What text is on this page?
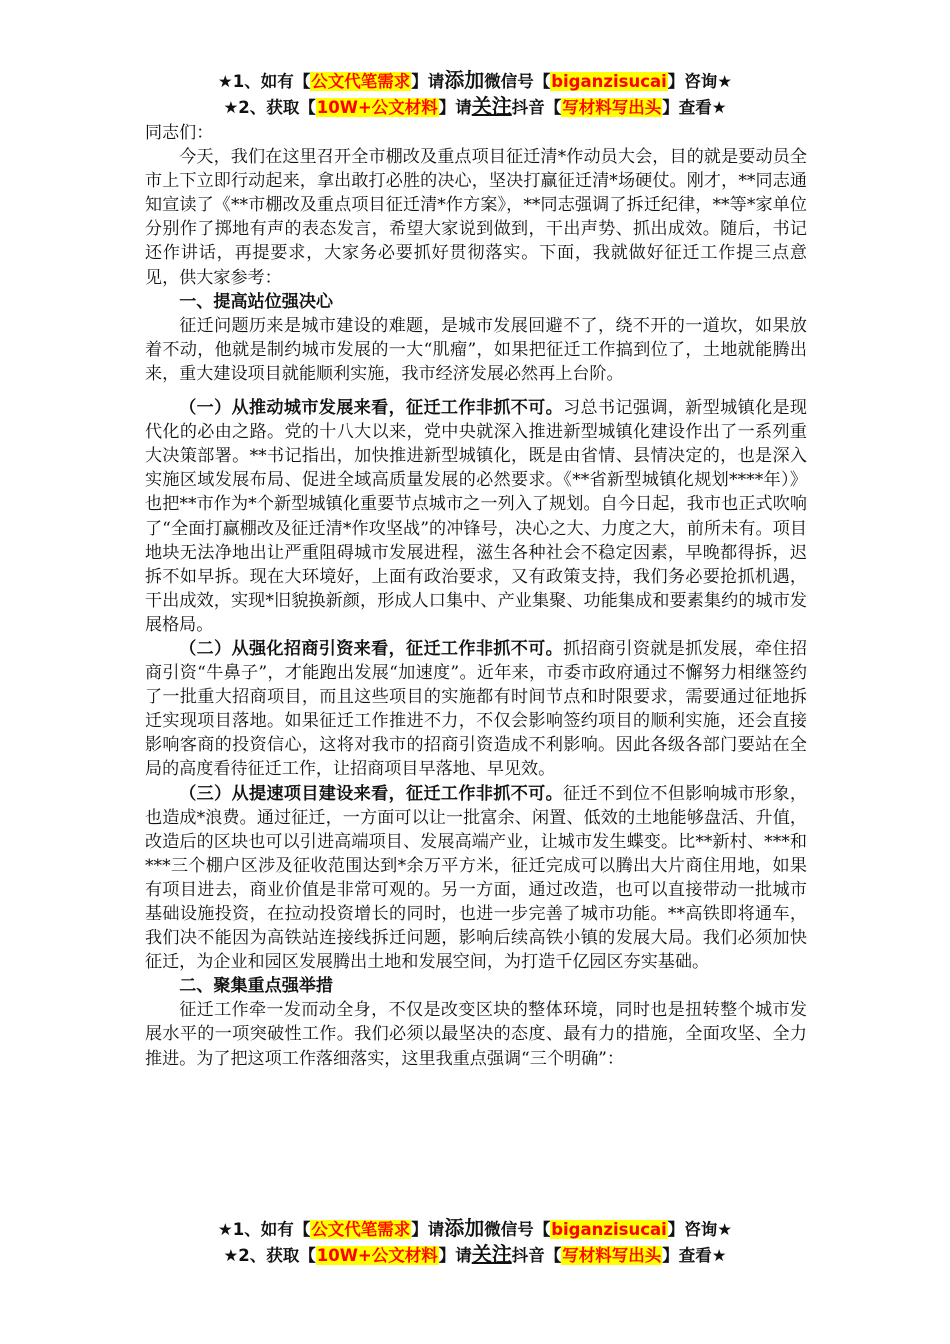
★1、如有【公文代笔需求】请添加微信号【biganzisucai】咨询★
★2、获取【10W+公文材料】请关注抖音【写材料写出头】查看★

同志们：

今天，我们在这里召开全市棚改及重点项目征迁清*作动员大会，目的就是要动员全市上下立即行动起来，拿出敢打必胜的决心，坚决打赢征迁清*场硬仗。刚才，**同志通知宣读了《**市棚改及重点项目征迁清*作方案》，**同志强调了拆迁纪律，**等*家单位分别作了掷地有声的表态发言，希望大家说到做到，干出声势、抓出成效。随后，书记还作讲话，再提要求，大家务必要抓好贯彻落实。下面，我就做好征迁工作提三点意见，供大家参考：

一、提高站位强决心

征迁问题历来是城市建设的难题，是城市发展回避不了，绕不开的一道坎，如果放着不动，他就是制约城市发展的一大“肌瘤”，如果把征迁工作搞到位了，土地就能腾出来，重大建设项目就能顺利实施，我市经济发展必然再上台阶。

（一）从推动城市发展来看，征迁工作非抓不可。习总书记强调，新型城镇化是现代化的必由之路。党的十八大以来，党中央就深入推进新型城镇化建设作出了一系列重大决策部署。**书记指出，加快推进新型城镇化，既是由省情、县情决定的，也是深入实施区域发展布局、促进全域高质量发展的必然要求。《**省新型城镇化规划****年）》也把**市作为*个新型城镇化重要节点城市之一列入了规划。自今日起，我市也正式吹响了“全面打赢棚改及征迁清*作攻坚战”的冲锋号，决心之大、力度之大，前所未有。项目地块无法净地出让严重阻碍城市发展进程，滋生各种社会不稳定因素，早晚都得拆，迟拆不如早拆。现在大环境好，上面有政治要求，又有政策支持，我们务必要抢抓机遇，干出成效，实现*旧貌换新颜，形成人口集中、产业集聚、功能集成和要素集约的城市发展格局。

（二）从强化招商引资来看，征迁工作非抓不可。抓招商引资就是抓发展，牵住招商引资“牛鼻子”，才能跑出发展“加速度”。近年来，市委市政府通过不懈努力相继签约了一批重大招商项目，而且这些项目的实施都有时间节点和时限要求，需要通过征地拆迁实现项目落地。如果征迁工作推进不力，不仅会影响签约项目的顺利实施，还会直接影响客商的投资信心，这将对我市的招商引资造成不利影响。因此各级各部门要站在全局的高度看待征迁工作，让招商项目早落地、早见效。

（三）从提速项目建设来看，征迁工作非抓不可。征迁不到位不但影响城市形象，也造成*浪费。通过征迁，一方面可以让一批富余、闲置、低效的土地能够盘活、升值，改造后的区块也可以引进高端项目、发展高端产业，让城市发生蝶变。比**新村、***和***三个棚户区涉及征收范围达到*余万平方米，征迁完成可以腾出大片商住用地，如果有项目进去，商业价值是非常可观的。另一方面，通过改造，也可以直接带动一批城市基础设施投资，在拉动投资增长的同时，也进一步完善了城市功能。**高铁即将通车，我们决不能因为高铁站连接线拆迁问题，影响后续高铁小镇的发展大局。我们必须加快征迁，为企业和园区发展腾出土地和发展空间，为打造千亿园区夯实基础。

二、聚集重点强举措

征迁工作牵一发而动全身，不仅是改变区块的整体环境，同时也是扭转整个城市发展水平的一项突破性工作。我们必须以最坚决的态度、最有力的措施，全面攻坚、全力推进。为了把这项工作落细落实，这里我重点强调“三个明确”：

★1、如有【公文代笔需求】请添加微信号【biganzisucai】咨询★
★2、获取【10W+公文材料】请关注抖音【写材料写出头】查看★
